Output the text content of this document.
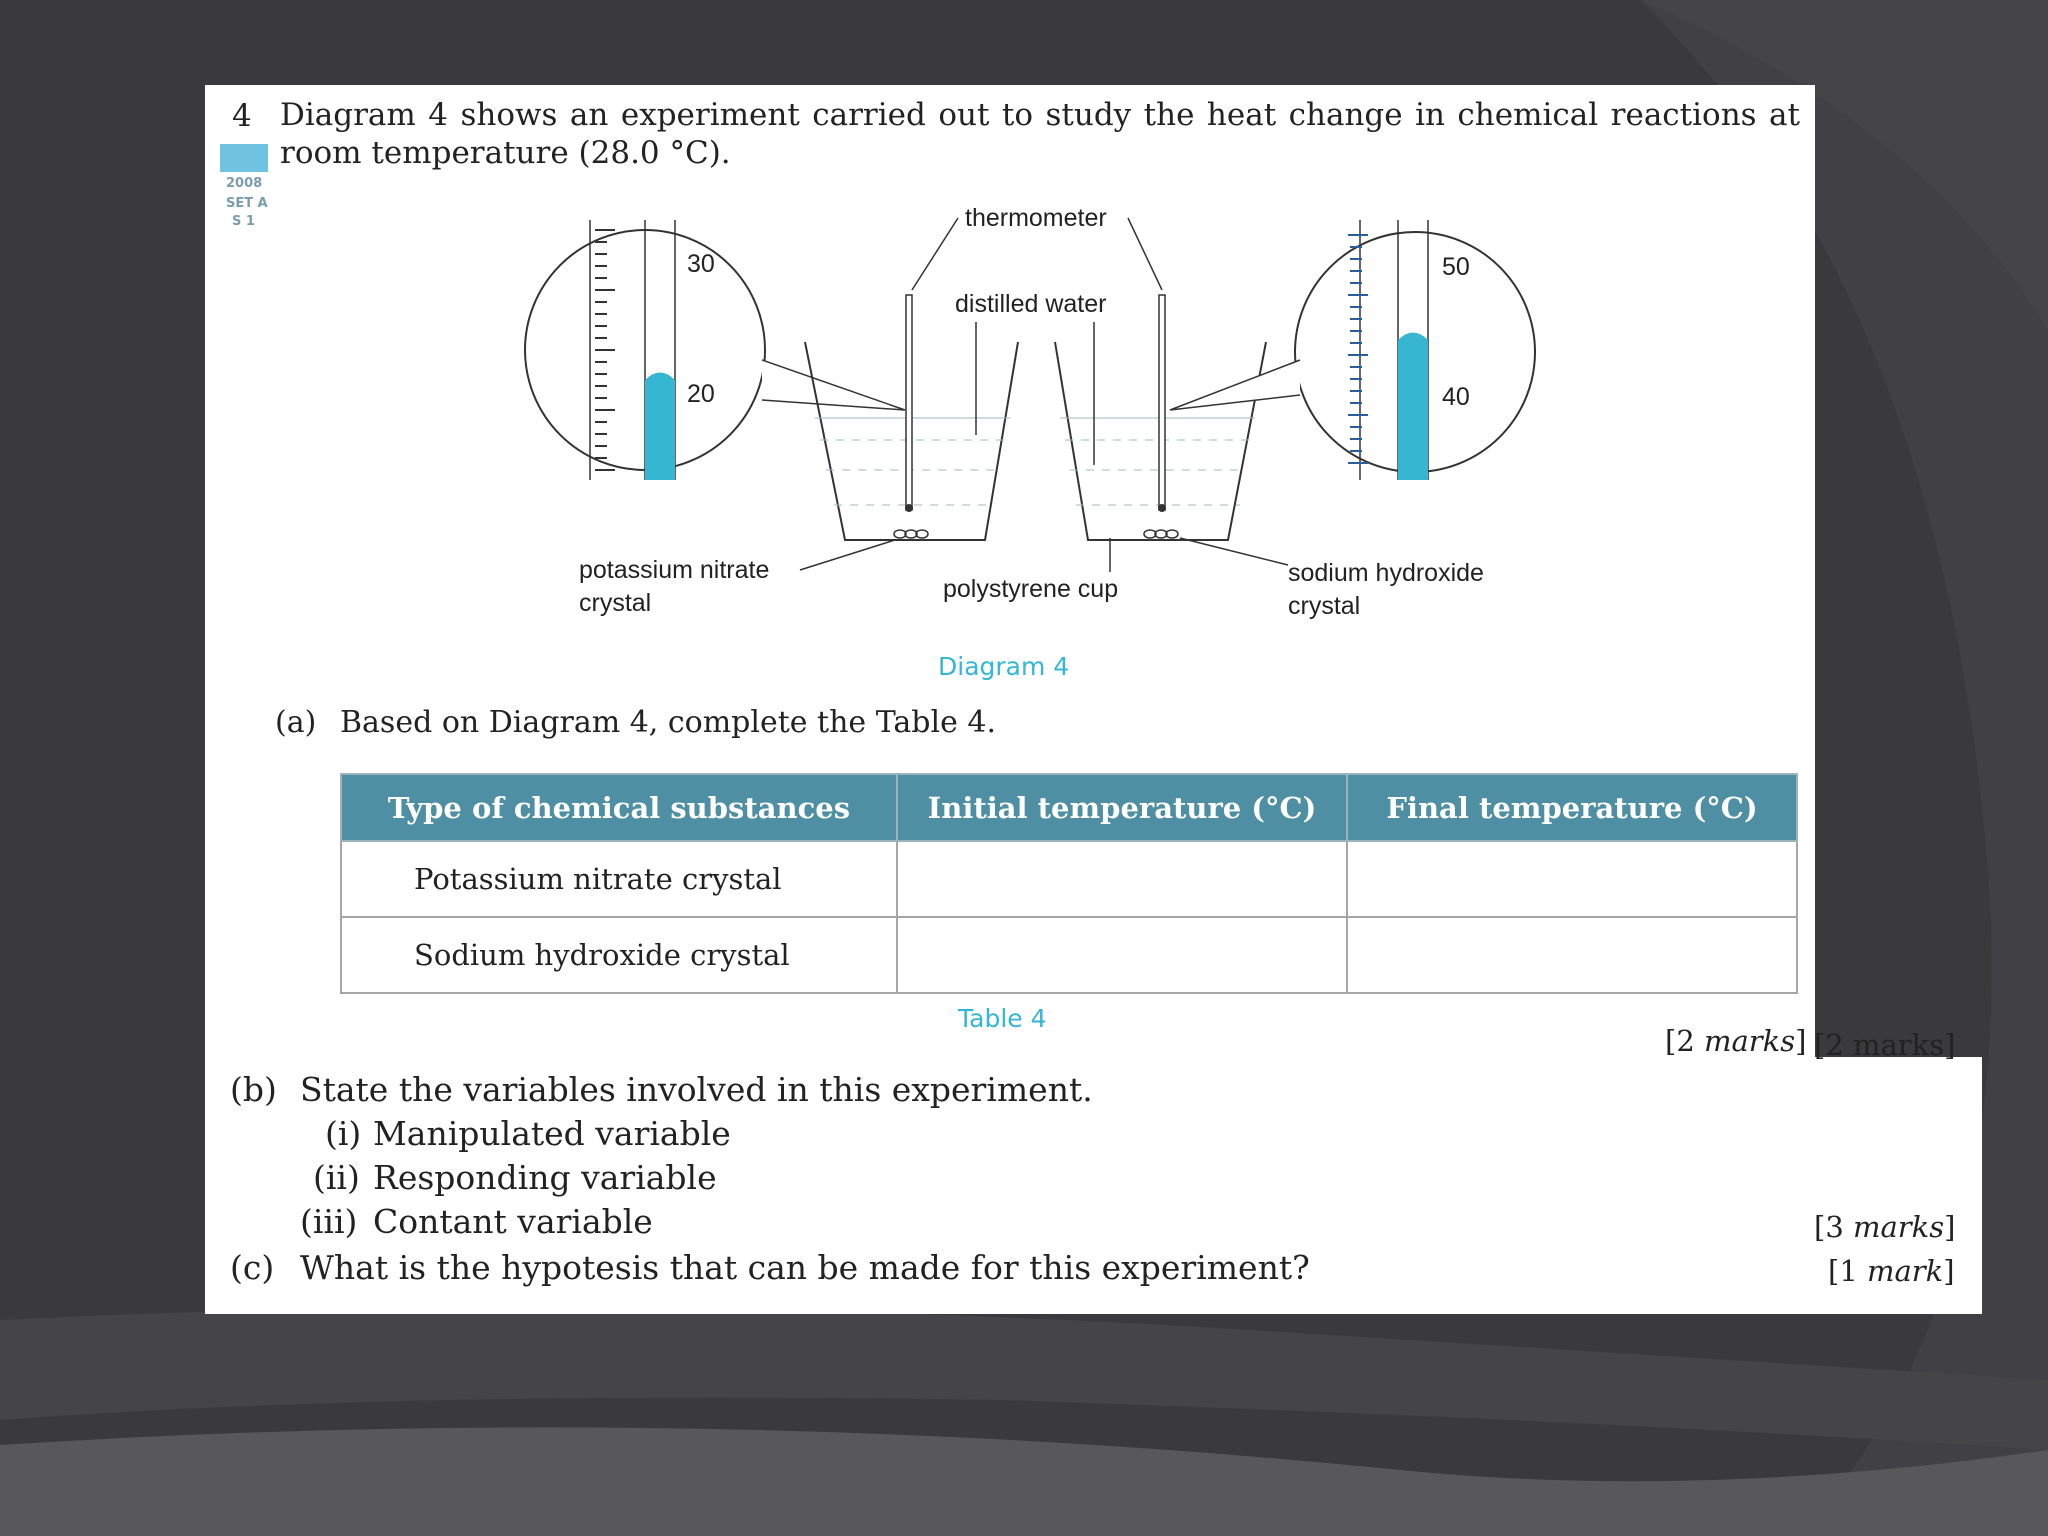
4 Diagram 4 shows an experiment carried out to study the heat change in chemical reactions at room temperature (28.0 °C).
2008
SET A
S 1
30
20
50
40
thermometer
distilled water
potassium nitrate
crystal	polystyrene cup
sodium hydroxide
crystal
Diagram 4
(a) Based on Diagram 4, complete the Table 4.
Type of chemical substances	Initial temperature (°C)	Final temperature (°C)
Potassium nitrate crystal		
Sodium hydroxide crystal		
Table 4
[2 marks] [2 marks]
(b) State the variables involved in this experiment.
(i) Manipulated variable
(ii) Responding variable
(iii) Contant variable	[3 marks]
(c) What is the hypotesis that can be made for this experiment?	[1 mark]
